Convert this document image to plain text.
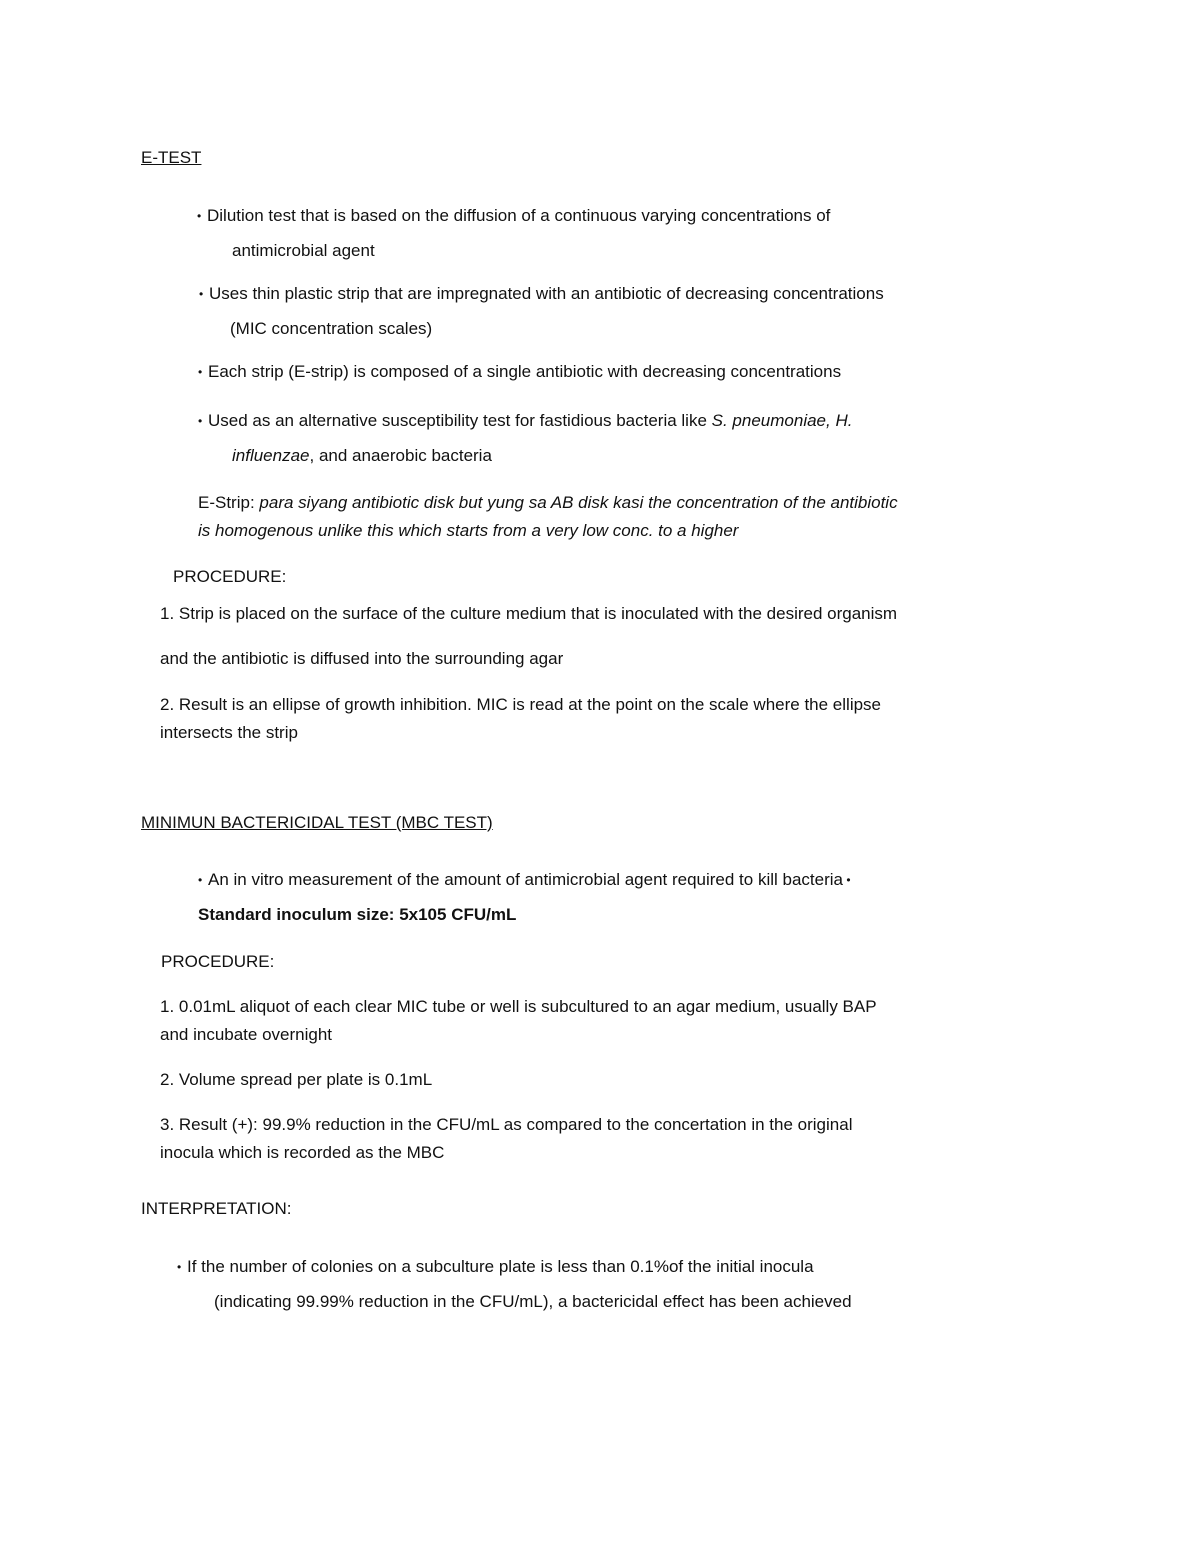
E-TEST
• Dilution test that is based on the diffusion of a continuous varying concentrations of
antimicrobial agent
• Uses thin plastic strip that are impregnated with an antibiotic of decreasing concentrations
(MIC concentration scales)
• Each strip (E-strip) is composed of a single antibiotic with decreasing concentrations
• Used as an alternative susceptibility test for fastidious bacteria like S. pneumoniae, H.
influenzae, and anaerobic bacteria
E-Strip: para siyang antibiotic disk but yung sa AB disk kasi the concentration of the antibiotic
is homogenous unlike this which starts from a very low conc. to a higher
PROCEDURE:
1. Strip is placed on the surface of the culture medium that is inoculated with the desired organism
and the antibiotic is diffused into the surrounding agar
2. Result is an ellipse of growth inhibition. MIC is read at the point on the scale where the ellipse
intersects the strip
MINIMUN BACTERICIDAL TEST (MBC TEST)
• An in vitro measurement of the amount of antimicrobial agent required to kill bacteria •
Standard inoculum size: 5x105 CFU/mL
PROCEDURE:
1. 0.01mL aliquot of each clear MIC tube or well is subcultured to an agar medium, usually BAP
and incubate overnight
2. Volume spread per plate is 0.1mL
3. Result (+): 99.9% reduction in the CFU/mL as compared to the concertation in the original
inocula which is recorded as the MBC
INTERPRETATION:
• If the number of colonies on a subculture plate is less than 0.1%of the initial inocula
(indicating 99.99% reduction in the CFU/mL), a bactericidal effect has been achieved
